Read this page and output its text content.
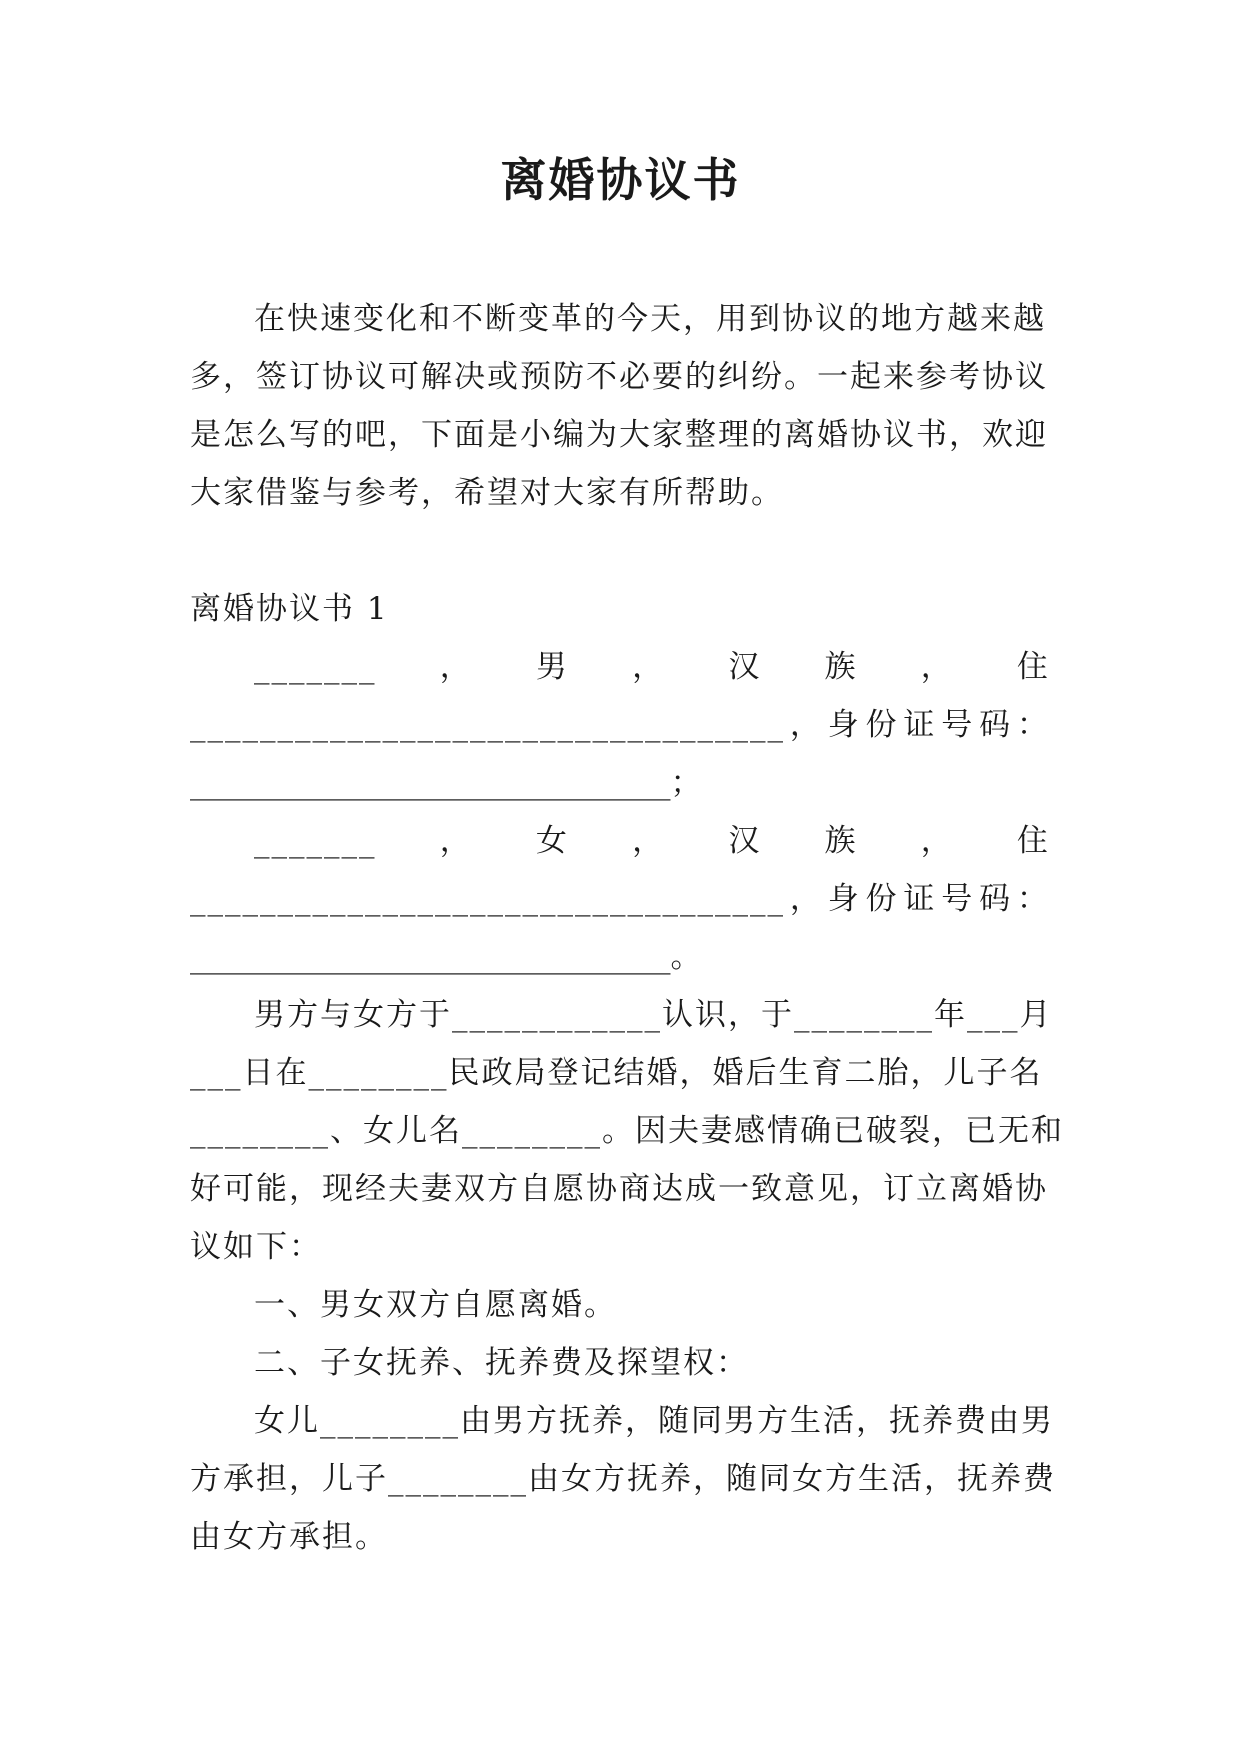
离婚协议书
在快速变化和不断变革的今天，用到协议的地方越来越
多，签订协议可解决或预防不必要的纠纷。一起来参考协议
是怎么写的吧，下面是小编为大家整理的离婚协议书，欢迎
大家借鉴与参考，希望对大家有所帮助。
离婚协议书 1
_______ ， 男 ， 汉 族 ， 住
__________________________________ ， 身 份 证 号 码 ：
_______________________________；
_______ ， 女 ， 汉 族 ， 住
__________________________________ ， 身 份 证 号 码 ：
_______________________________。
男方与女方于____________认识，于________年___月
___日在________民政局登记结婚，婚后生育二胎，儿子名
________、女儿名________。因夫妻感情确已破裂，已无和
好可能，现经夫妻双方自愿协商达成一致意见，订立离婚协
议如下：
一、男女双方自愿离婚。
二、子女抚养、抚养费及探望权：
女儿________由男方抚养，随同男方生活，抚养费由男
方承担，儿子________由女方抚养，随同女方生活，抚养费
由女方承担。
